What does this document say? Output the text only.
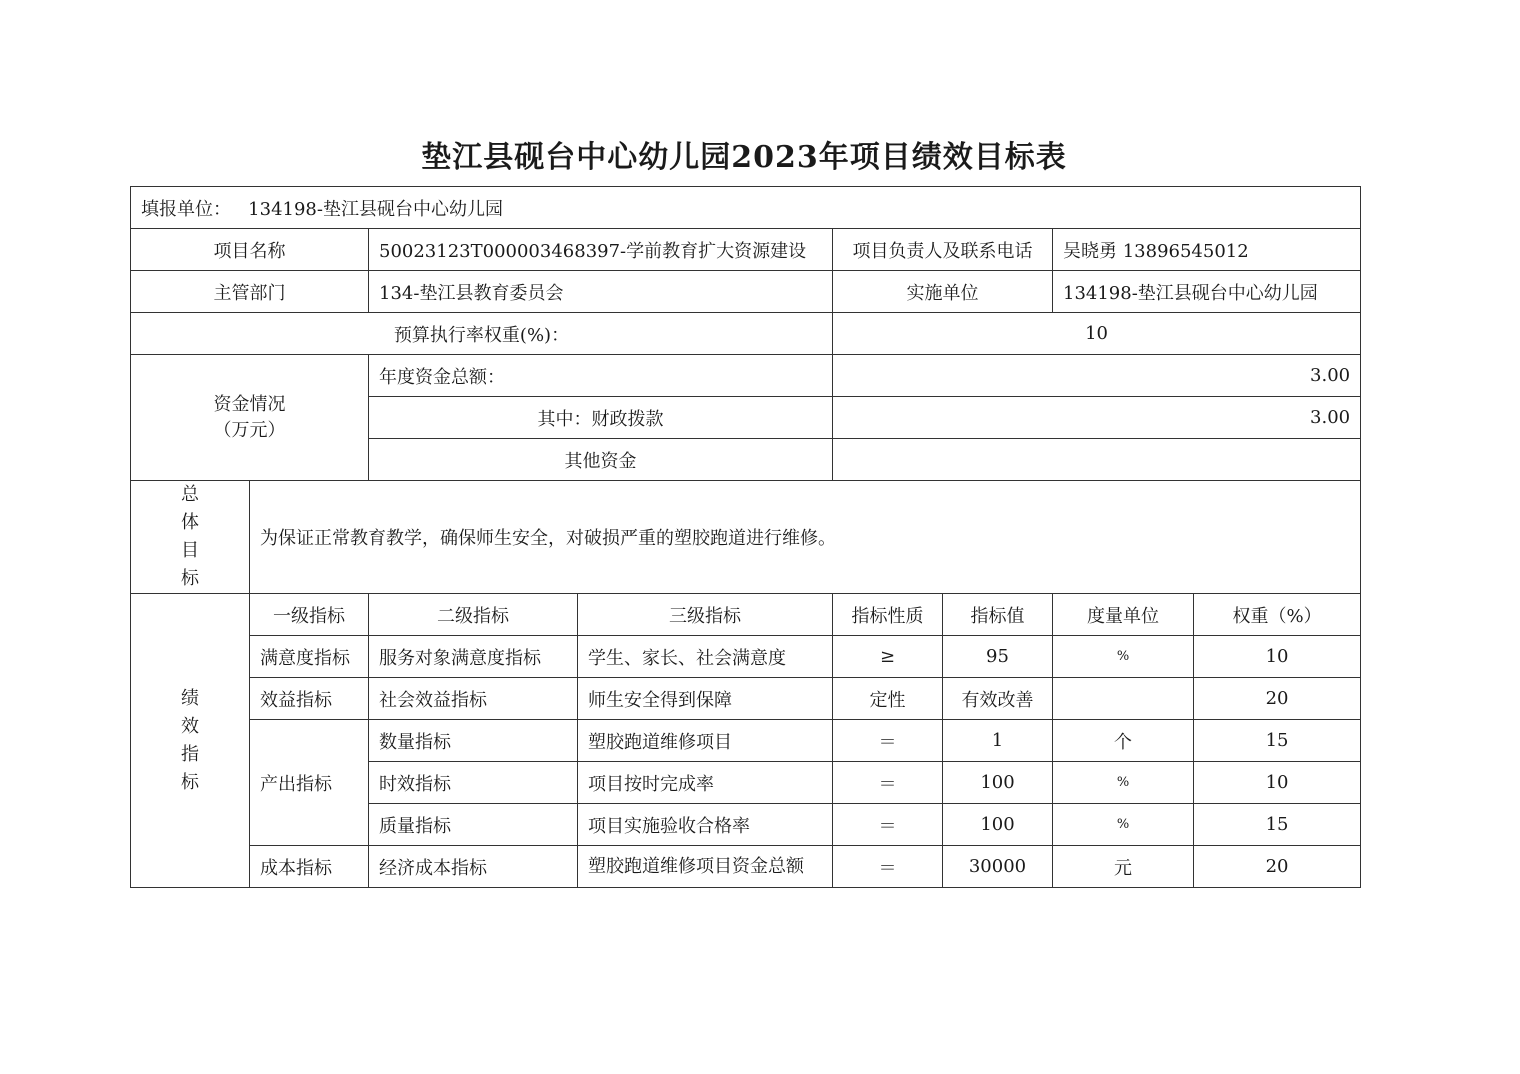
垫江县砚台中心幼儿园2023年项目绩效目标表
填报单位： 134198-垫江县砚台中心幼儿园							
项目名称		50023123T000003468397-学前教育扩大资源建设		项目负责人及联系电话		吴晓勇 13896545012	
主管部门		134-垫江县教育委员会		实施单位		134198-垫江县砚台中心幼儿园	
预算执行率权重(%)：				10			
资金情况
（万元）		年度资金总额：		3.00			
		其中：财政拨款		3.00			
		其他资金					

总
体
目
标	为保证正常教育教学，确保师生安全，对破损严重的塑胶跑道进行维修。						

绩
效
指
标	一级指标	二级指标	三级指标	指标性质	指标值	度量单位	权重（%）
	满意度指标	服务对象满意度指标	学生、家长、社会满意度	≥	95	%	10
	效益指标	社会效益指标	师生安全得到保障	定性	有效改善		20
	产出指标	数量指标	塑胶跑道维修项目	＝	1	个	15
		时效指标	项目按时完成率	＝	100	%	10
		质量指标	项目实施验收合格率	＝	100	%	15
	成本指标	经济成本指标	塑胶跑道维修项目资金总额	＝	30000	元	20
